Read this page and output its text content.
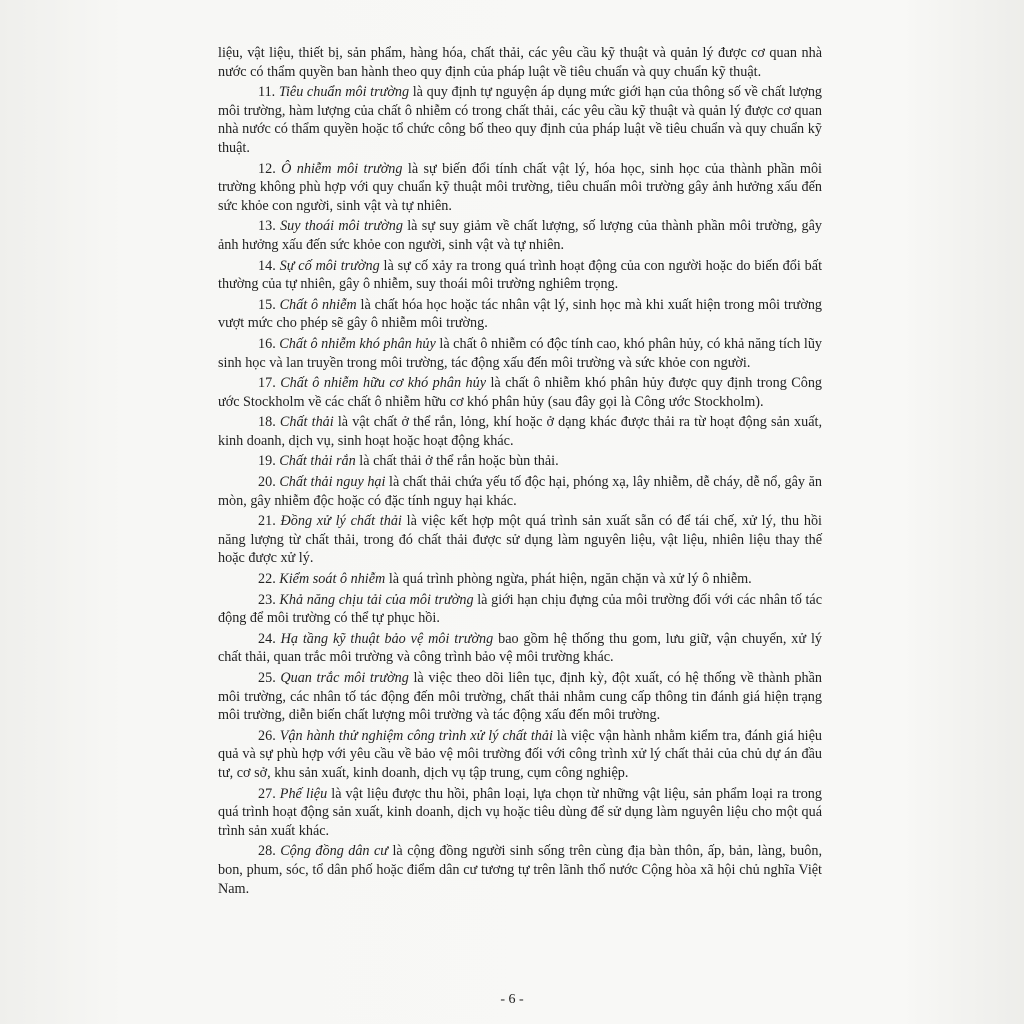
liệu, vật liệu, thiết bị, sản phẩm, hàng hóa, chất thải, các yêu cầu kỹ thuật và quản lý được cơ quan nhà nước có thẩm quyền ban hành theo quy định của pháp luật về tiêu chuẩn và quy chuẩn kỹ thuật.

11. Tiêu chuẩn môi trường là quy định tự nguyện áp dụng mức giới hạn của thông số về chất lượng môi trường, hàm lượng của chất ô nhiễm có trong chất thải, các yêu cầu kỹ thuật và quản lý được cơ quan nhà nước có thẩm quyền hoặc tổ chức công bố theo quy định của pháp luật về tiêu chuẩn và quy chuẩn kỹ thuật.

12. Ô nhiễm môi trường là sự biến đổi tính chất vật lý, hóa học, sinh học của thành phần môi trường không phù hợp với quy chuẩn kỹ thuật môi trường, tiêu chuẩn môi trường gây ảnh hưởng xấu đến sức khỏe con người, sinh vật và tự nhiên.

13. Suy thoái môi trường là sự suy giảm về chất lượng, số lượng của thành phần môi trường, gây ảnh hưởng xấu đến sức khỏe con người, sinh vật và tự nhiên.

14. Sự cố môi trường là sự cố xảy ra trong quá trình hoạt động của con người hoặc do biến đổi bất thường của tự nhiên, gây ô nhiễm, suy thoái môi trường nghiêm trọng.

15. Chất ô nhiễm là chất hóa học hoặc tác nhân vật lý, sinh học mà khi xuất hiện trong môi trường vượt mức cho phép sẽ gây ô nhiễm môi trường.

16. Chất ô nhiễm khó phân hủy là chất ô nhiễm có độc tính cao, khó phân hủy, có khả năng tích lũy sinh học và lan truyền trong môi trường, tác động xấu đến môi trường và sức khỏe con người.

17. Chất ô nhiễm hữu cơ khó phân hủy là chất ô nhiễm khó phân hủy được quy định trong Công ước Stockholm về các chất ô nhiễm hữu cơ khó phân hủy (sau đây gọi là Công ước Stockholm).

18. Chất thải là vật chất ở thể rắn, lỏng, khí hoặc ở dạng khác được thải ra từ hoạt động sản xuất, kinh doanh, dịch vụ, sinh hoạt hoặc hoạt động khác.

19. Chất thải rắn là chất thải ở thể rắn hoặc bùn thải.

20. Chất thải nguy hại là chất thải chứa yếu tố độc hại, phóng xạ, lây nhiễm, dễ cháy, dễ nổ, gây ăn mòn, gây nhiễm độc hoặc có đặc tính nguy hại khác.

21. Đồng xử lý chất thải là việc kết hợp một quá trình sản xuất sẵn có để tái chế, xử lý, thu hồi năng lượng từ chất thải, trong đó chất thải được sử dụng làm nguyên liệu, vật liệu, nhiên liệu thay thế hoặc được xử lý.

22. Kiểm soát ô nhiễm là quá trình phòng ngừa, phát hiện, ngăn chặn và xử lý ô nhiễm.

23. Khả năng chịu tải của môi trường là giới hạn chịu đựng của môi trường đối với các nhân tố tác động để môi trường có thể tự phục hồi.

24. Hạ tầng kỹ thuật bảo vệ môi trường bao gồm hệ thống thu gom, lưu giữ, vận chuyển, xử lý chất thải, quan trắc môi trường và công trình bảo vệ môi trường khác.

25. Quan trắc môi trường là việc theo dõi liên tục, định kỳ, đột xuất, có hệ thống về thành phần môi trường, các nhân tố tác động đến môi trường, chất thải nhằm cung cấp thông tin đánh giá hiện trạng môi trường, diễn biến chất lượng môi trường và tác động xấu đến môi trường.

26. Vận hành thử nghiệm công trình xử lý chất thải là việc vận hành nhằm kiểm tra, đánh giá hiệu quả và sự phù hợp với yêu cầu về bảo vệ môi trường đối với công trình xử lý chất thải của chủ dự án đầu tư, cơ sở, khu sản xuất, kinh doanh, dịch vụ tập trung, cụm công nghiệp.

27. Phế liệu là vật liệu được thu hồi, phân loại, lựa chọn từ những vật liệu, sản phẩm loại ra trong quá trình hoạt động sản xuất, kinh doanh, dịch vụ hoặc tiêu dùng để sử dụng làm nguyên liệu cho một quá trình sản xuất khác.

28. Cộng đồng dân cư là cộng đồng người sinh sống trên cùng địa bàn thôn, ấp, bản, làng, buôn, bon, phum, sóc, tổ dân phố hoặc điểm dân cư tương tự trên lãnh thổ nước Cộng hòa xã hội chủ nghĩa Việt Nam.

- 6 -
